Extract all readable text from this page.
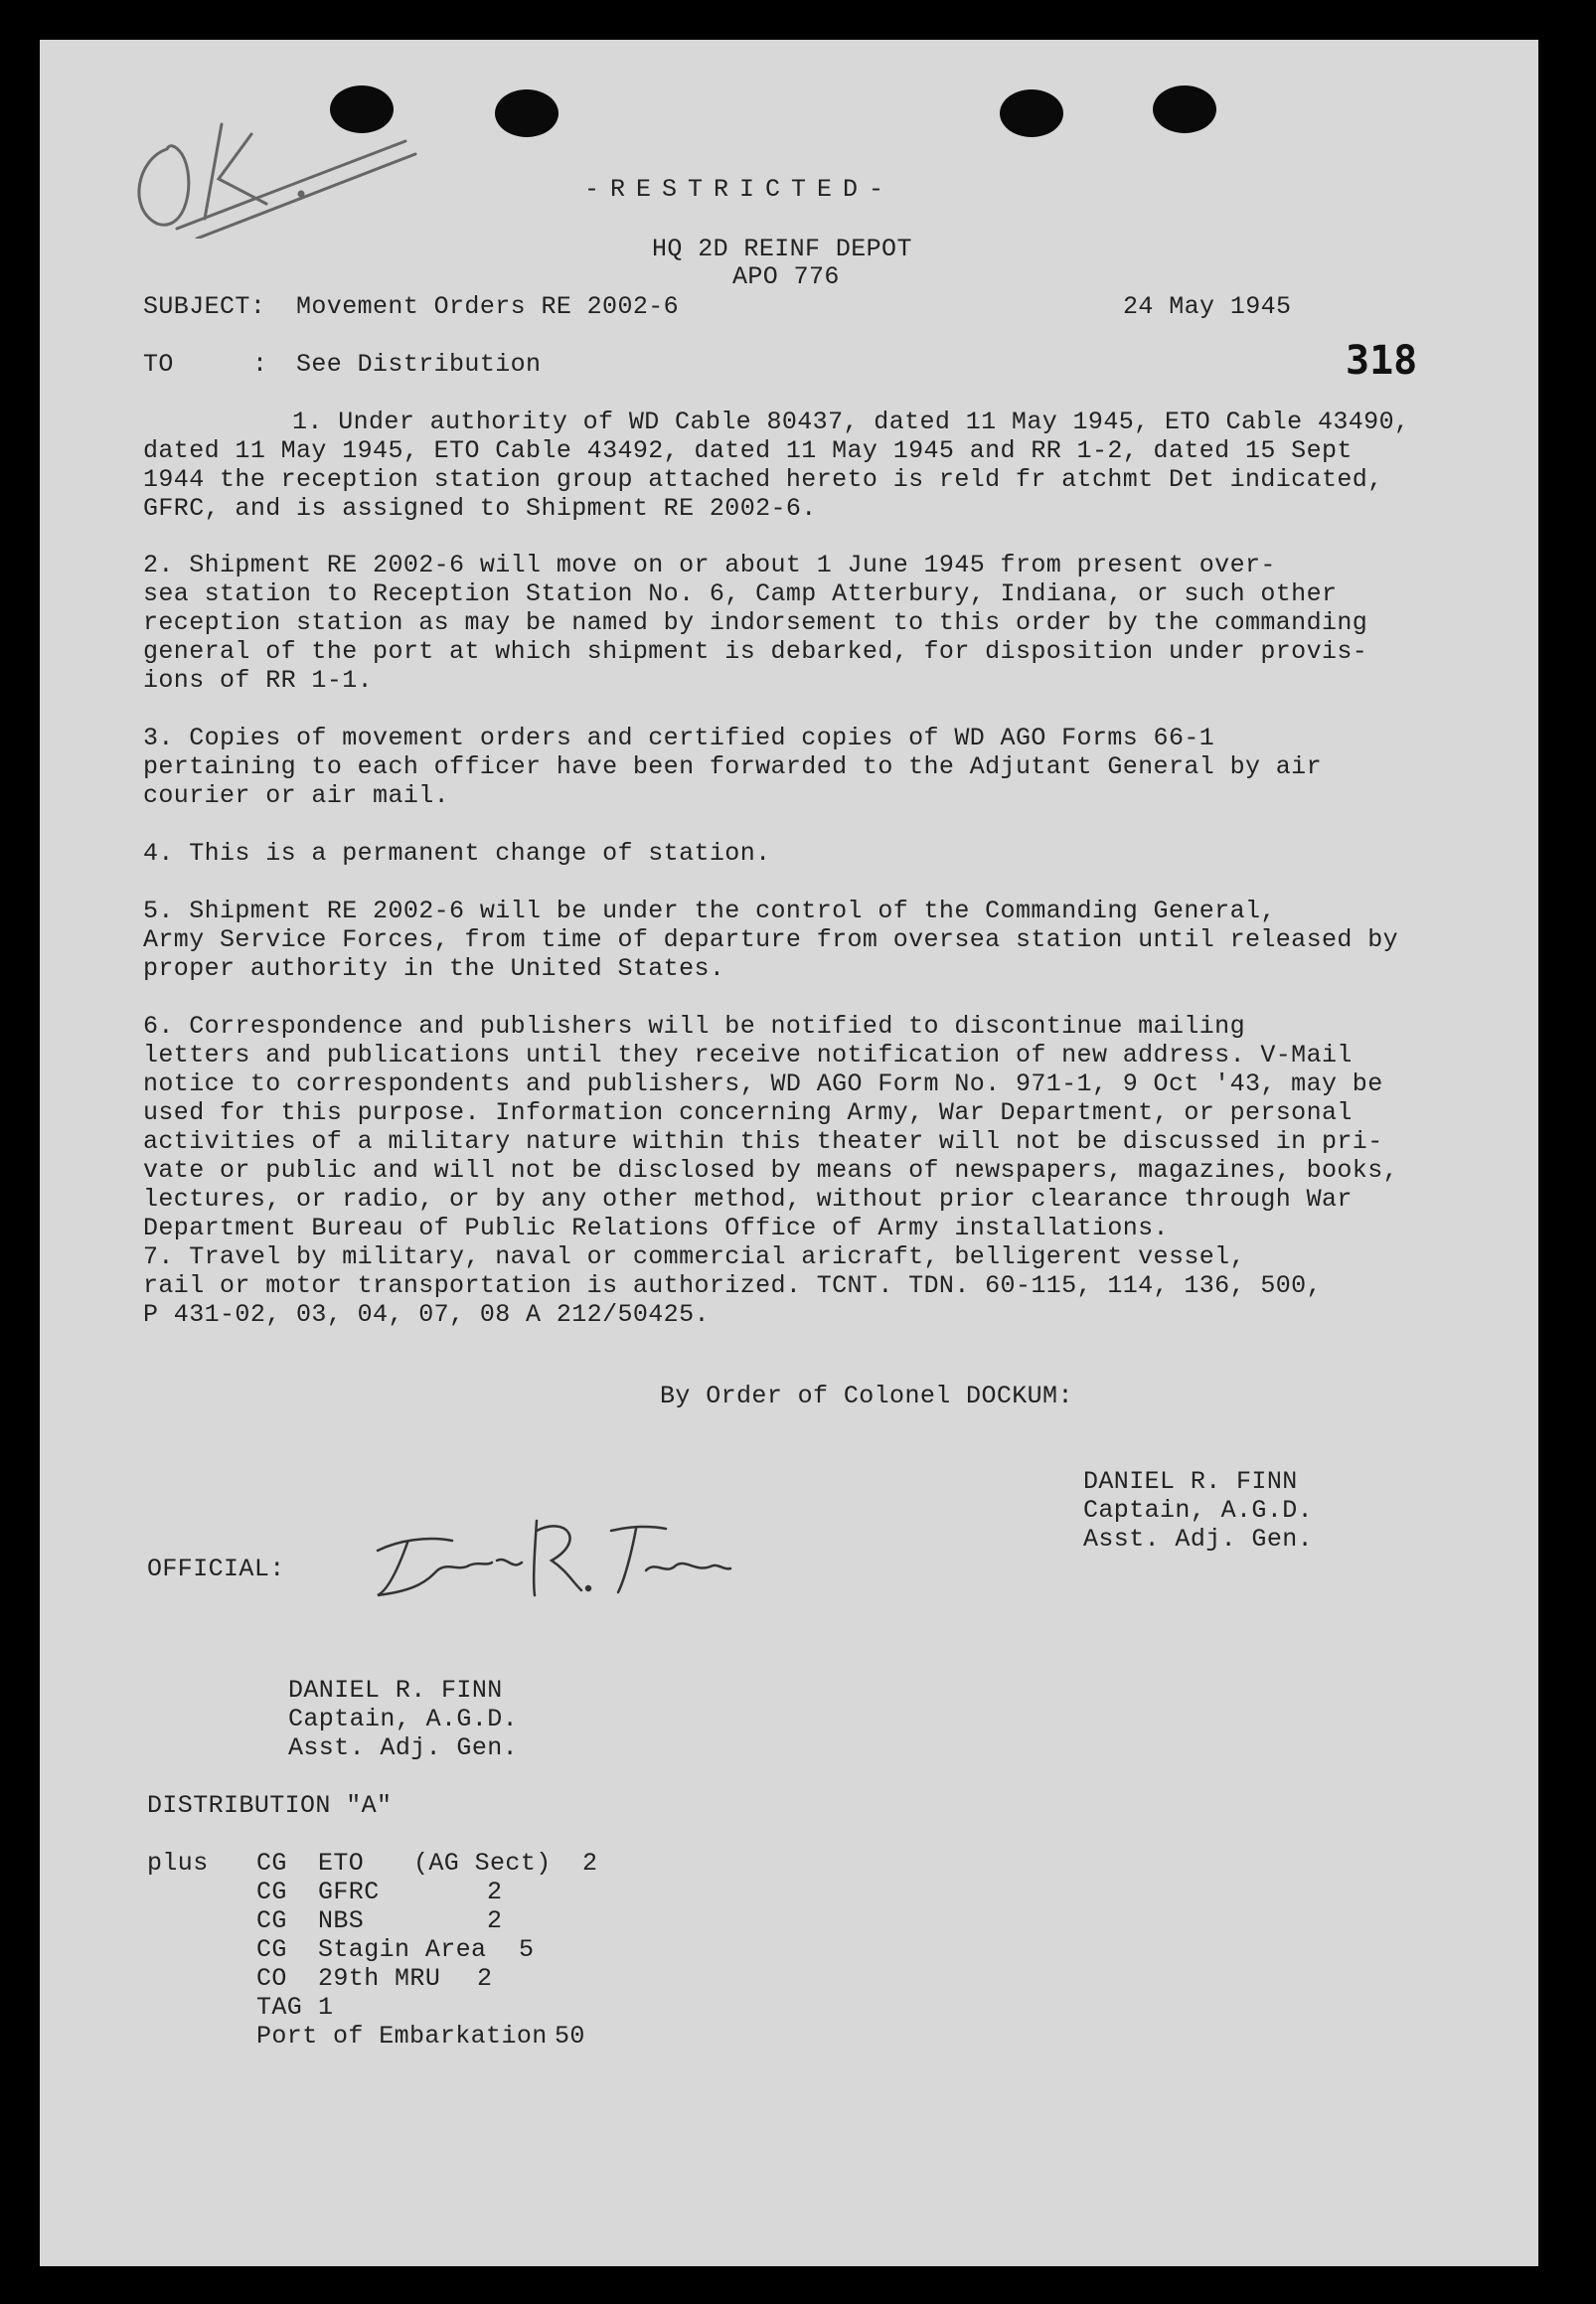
-RESTRICTED-
HQ 2D REINF DEPOT
APO 776
SUBJECT: Movement Orders RE 2002-6	24 May 1945
TO	: See Distribution	318
1. Under authority of WD Cable 80437, dated 11 May 1945, ETO Cable 43490,
dated 11 May 1945, ETO Cable 43492, dated 11 May 1945 and RR 1-2, dated 15 Sept
1944 the reception station group attached hereto is reld fr atchmt Det indicated,
GFRC, and is assigned to Shipment RE 2002-6.
2. Shipment RE 2002-6 will move on or about 1 June 1945 from present over-
sea station to Reception Station No. 6, Camp Atterbury, Indiana, or such other
reception station as may be named by indorsement to this order by the commanding
general of the port at which shipment is debarked, for disposition under provis-
ions of RR 1-1.
3. Copies of movement orders and certified copies of WD AGO Forms 66-1
pertaining to each officer have been forwarded to the Adjutant General by air
courier or air mail.
4. This is a permanent change of station.
5. Shipment RE 2002-6 will be under the control of the Commanding General,
Army Service Forces, from time of departure from oversea station until released by
proper authority in the United States.
6. Correspondence and publishers will be notified to discontinue mailing
letters and publications until they receive notification of new address. V-Mail
notice to correspondents and publishers, WD AGO Form No. 971-1, 9 Oct '43, may be
used for this purpose. Information concerning Army, War Department, or personal
activities of a military nature within this theater will not be discussed in pri-
vate or public and will not be disclosed by means of newspapers, magazines, books,
lectures, or radio, or by any other method, without prior clearance through War
Department Bureau of Public Relations Office of Army installations.
7. Travel by military, naval or commercial aricraft, belligerent vessel,
rail or motor transportation is authorized. TCNT. TDN. 60-115, 114, 136, 500,
P 431-02, 03, 04, 07, 08 A 212/50425.
By Order of Colonel DOCKUM:
DANIEL R. FINN
Captain, A.G.D.
Asst. Adj. Gen.
OFFICIAL:
DANIEL R. FINN
Captain, A.G.D.
Asst. Adj. Gen.
DISTRIBUTION "A"
plus CG	ETO	(AG Sect)	2
CG	GFRC	2
CG	NBS	2
CG	Stagin Area	5
CO	29th MRU	2
TAG 1
Port of Embarkation 50
